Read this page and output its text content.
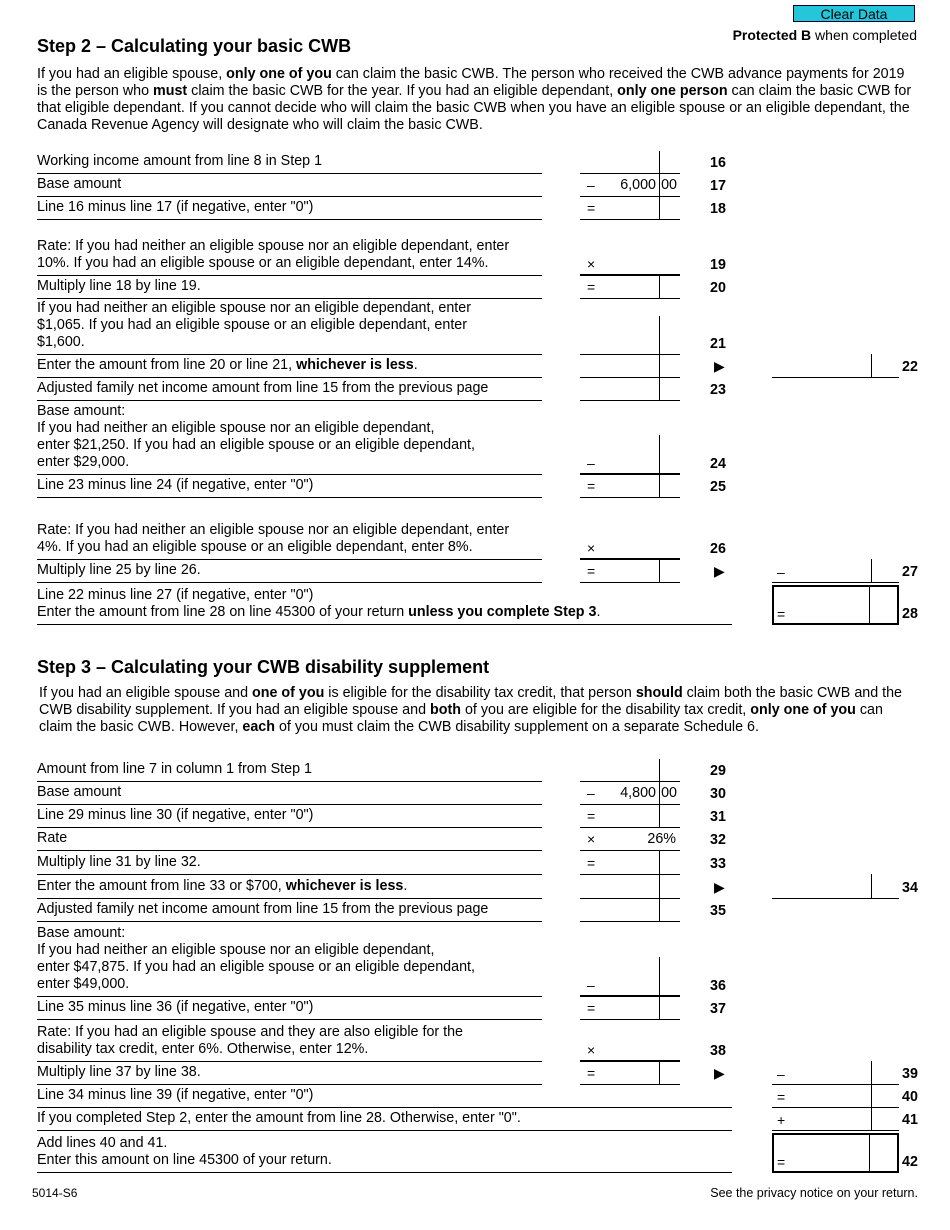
Clear Data
Protected B when completed
Step 2 – Calculating your basic CWB

If you had an eligible spouse, only one of you can claim the basic CWB. The person who received the CWB advance payments for 2019 is the person who must claim the basic CWB for the year. If you had an eligible dependant, only one person can claim the basic CWB for that eligible dependant. If you cannot decide who will claim the basic CWB when you have an eligible spouse or an eligible dependant, the Canada Revenue Agency will designate who will claim the basic CWB.

Working income amount from line 8 in Step 1	16
Base amount	– 6,000 00 17
Line 16 minus line 17 (if negative, enter "0")	=	18
Rate: If you had neither an eligible spouse nor an eligible dependant, enter 10%. If you had an eligible spouse or an eligible dependant, enter 14%.	×	19
Multiply line 18 by line 19.	=	20
If you had neither an eligible spouse nor an eligible dependant, enter $1,065. If you had an eligible spouse or an eligible dependant, enter $1,600.	21
Enter the amount from line 20 or line 21, whichever is less.	▶	22
Adjusted family net income amount from line 15 from the previous page	23
Base amount:
If you had neither an eligible spouse nor an eligible dependant,
enter $21,250. If you had an eligible spouse or an eligible dependant,
enter $29,000.	–	24
Line 23 minus line 24 (if negative, enter "0")	=	25
Rate: If you had neither an eligible spouse nor an eligible dependant, enter 4%. If you had an eligible spouse or an eligible dependant, enter 8%.	×	26
Multiply line 25 by line 26.	=	▶	–	27
Line 22 minus line 27 (if negative, enter "0")
Enter the amount from line 28 on line 45300 of your return unless you complete Step 3.	=	28
Step 3 – Calculating your CWB disability supplement

If you had an eligible spouse and one of you is eligible for the disability tax credit, that person should claim both the basic CWB and the CWB disability supplement. If you had an eligible spouse and both of you are eligible for the disability tax credit, only one of you can claim the basic CWB. However, each of you must claim the CWB disability supplement on a separate Schedule 6.

Amount from line 7 in column 1 from Step 1	29
Base amount	– 4,800 00 30
Line 29 minus line 30 (if negative, enter "0")	=	31
Rate	×	26% 32
Multiply line 31 by line 32.	=	33
Enter the amount from line 33 or $700, whichever is less.	▶	34
Adjusted family net income amount from line 15 from the previous page	35
Base amount:
If you had neither an eligible spouse nor an eligible dependant,
enter $47,875. If you had an eligible spouse or an eligible dependant,
enter $49,000.	–	36
Line 35 minus line 36 (if negative, enter "0")	=	37
Rate: If you had an eligible spouse and they are also eligible for the
disability tax credit, enter 6%. Otherwise, enter 12%.	×	38
Multiply line 37 by line 38.	=	▶	–	39
Line 34 minus line 39 (if negative, enter "0")	=	40
If you completed Step 2, enter the amount from line 28. Otherwise, enter "0".	+	41
Add lines 40 and 41.
Enter this amount on line 45300 of your return.	=	42
5014-S6	See the privacy notice on your return.
